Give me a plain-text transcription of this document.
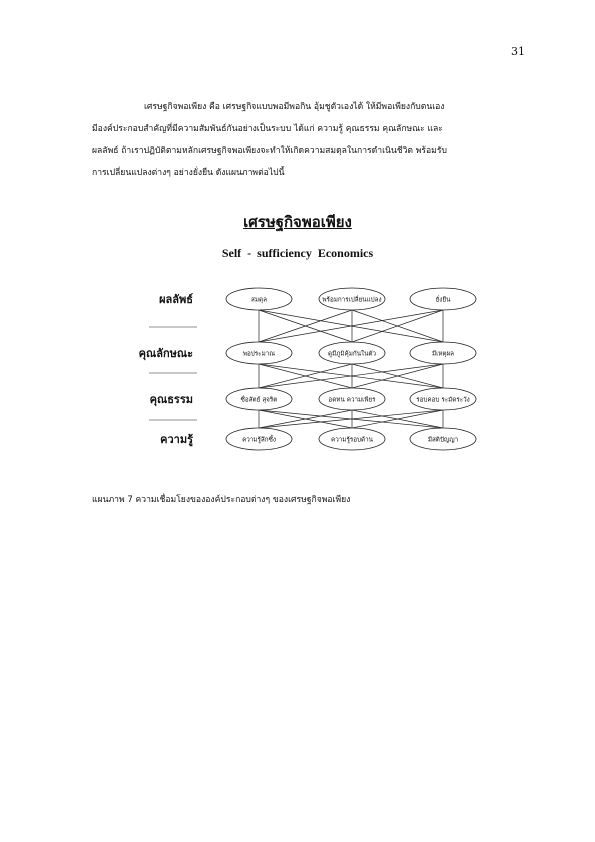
31

เศรษฐกิจพอเพียง คือ เศรษฐกิจแบบพอมีพอกิน อุ้มชูตัวเองได้ ให้มีพอเพียงกับตนเอง

มีองค์ประกอบสำคัญที่มีความสัมพันธ์กันอย่างเป็นระบบ ได้แก่ ความรู้ คุณธรรม คุณลักษณะ และ

ผลลัพธ์ ถ้าเราปฏิบัติตามหลักเศรษฐกิจพอเพียงจะทำให้เกิดความสมดุลในการดำเนินชีวิต พร้อมรับ

การเปลี่ยนแปลงต่างๆ อย่างยั่งยืน ดังแผนภาพต่อไปนี้

เศรษฐกิจพอเพียง
Self - sufficiency Economics
ผลลัพธ์	สมดุล	พร้อมการเปลี่ยนแปลง	ยั่งยืน
คุณลักษณะ	พอประมาณ	ดูมีภูมิคุ้มกันในตัว	มีเหตุผล
คุณธรรม	ซื่อสัตย์ สุจริต	อดทน ความเพียร	รอบคอบ ระมัดระวัง
ความรู้	ความรู้ลึกซึ้ง	ความรู้รอบด้าน	มีสติปัญญา
แผนภาพ 7 ความเชื่อมโยงขององค์ประกอบต่างๆ ของเศรษฐกิจพอเพียง
